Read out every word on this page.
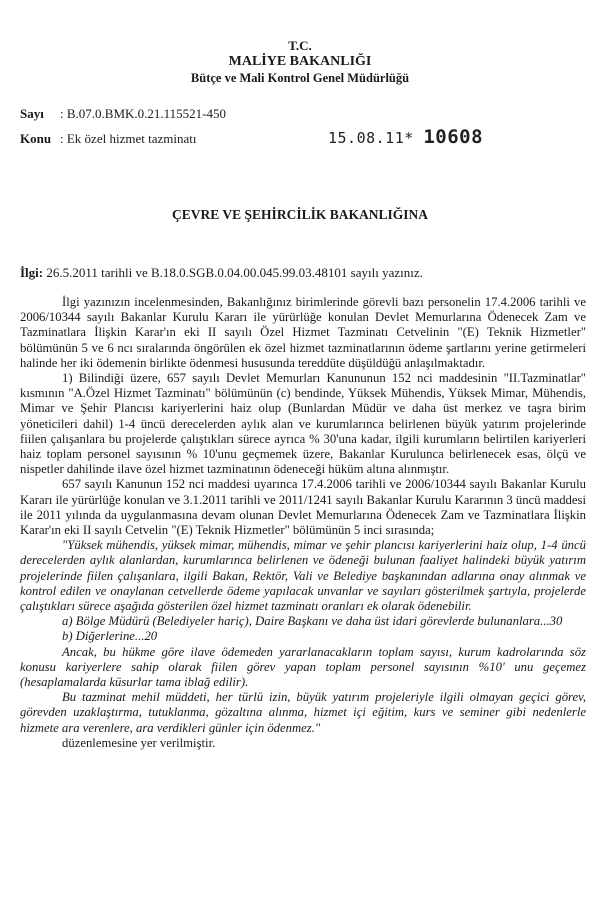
T.C.
MALİYE BAKANLIĞI
Bütçe ve Mali Kontrol Genel Müdürlüğü
Sayı : B.07.0.BMK.0.21.115521-450
Konu : Ek özel hizmet tazminatı	15.08.11* 10608
ÇEVRE VE ŞEHİRCİLİK BAKANLIĞINA
İlgi: 26.5.2011 tarihli ve B.18.0.SGB.0.04.00.045.99.03.48101 sayılı yazınız.

İlgi yazınızın incelenmesinden, Bakanlığınız birimlerinde görevli bazı personelin 17.4.2006 tarihli ve 2006/10344 sayılı Bakanlar Kurulu Kararı ile yürürlüğe konulan Devlet Memurlarına Ödenecek Zam ve Tazminatlara İlişkin Karar'ın eki II sayılı Özel Hizmet Tazminatı Cetvelinin "(E) Teknik Hizmetler" bölümünün 5 ve 6 ncı sıralarında öngörülen ek özel hizmet tazminatlarının ödeme şartlarını yerine getirmeleri halinde her iki ödemenin birlikte ödenmesi hususunda tereddüte düşüldüğü anlaşılmaktadır.

1) Bilindiği üzere, 657 sayılı Devlet Memurları Kanununun 152 nci maddesinin "II.Tazminatlar" kısmının "A.Özel Hizmet Tazminatı" bölümünün (c) bendinde, Yüksek Mühendis, Yüksek Mimar, Mühendis, Mimar ve Şehir Plancısı kariyerlerini haiz olup (Bunlardan Müdür ve daha üst merkez ve taşra birim yöneticileri dahil) 1-4 üncü derecelerden aylık alan ve kurumlarınca belirlenen büyük yatırım projelerinde fiilen çalışanlara bu projelerde çalıştıkları sürece ayrıca % 30'una kadar, ilgili kurumların belirtilen kariyerleri haiz toplam personel sayısının % 10'unu geçmemek üzere, Bakanlar Kurulunca belirlenecek esas, ölçü ve nispetler dahilinde ilave özel hizmet tazminatının ödeneceği hüküm altına alınmıştır.

657 sayılı Kanunun 152 nci maddesi uyarınca 17.4.2006 tarihli ve 2006/10344 sayılı Bakanlar Kurulu Kararı ile yürürlüğe konulan ve 3.1.2011 tarihli ve 2011/1241 sayılı Bakanlar Kurulu Kararının 3 üncü maddesi ile 2011 yılında da uygulanmasına devam olunan Devlet Memurlarına Ödenecek Zam ve Tazminatlara İlişkin Karar'ın eki II sayılı Cetvelin "(E) Teknik Hizmetler" bölümünün 5 inci sırasında;

"Yüksek mühendis, yüksek mimar, mühendis, mimar ve şehir plancısı kariyerlerini haiz olup, 1-4 üncü derecelerden aylık alanlardan, kurumlarınca belirlenen ve ödeneği bulunan faaliyet halindeki büyük yatırım projelerinde fiilen çalışanlara, ilgili Bakan, Rektör, Vali ve Belediye başkanından adlarına onay alınmak ve kontrol edilen ve onaylanan cetvellerde ödeme yapılacak unvanlar ve sayıları gösterilmek şartıyla, projelerde çalıştıkları sürece aşağıda gösterilen özel hizmet tazminatı oranları ek olarak ödenebilir.

a) Bölge Müdürü (Belediyeler hariç), Daire Başkanı ve daha üst idari görevlerde bulunanlara...30

b) Diğerlerine...20

Ancak, bu hükme göre ilave ödemeden yararlanacakların toplam sayısı, kurum kadrolarında söz konusu kariyerlere sahip olarak fiilen görev yapan toplam personel sayısının %10' unu geçemez (hesaplamalarda küsurlar tama iblağ edilir).

Bu tazminat mehil müddeti, her türlü izin, büyük yatırım projeleriyle ilgili olmayan geçici görev, görevden uzaklaştırma, tutuklanma, gözaltına alınma, hizmet içi eğitim, kurs ve seminer gibi nedenlerle hizmete ara verenlere, ara verdikleri günler için ödenmez."

düzenlemesine yer verilmiştir.
